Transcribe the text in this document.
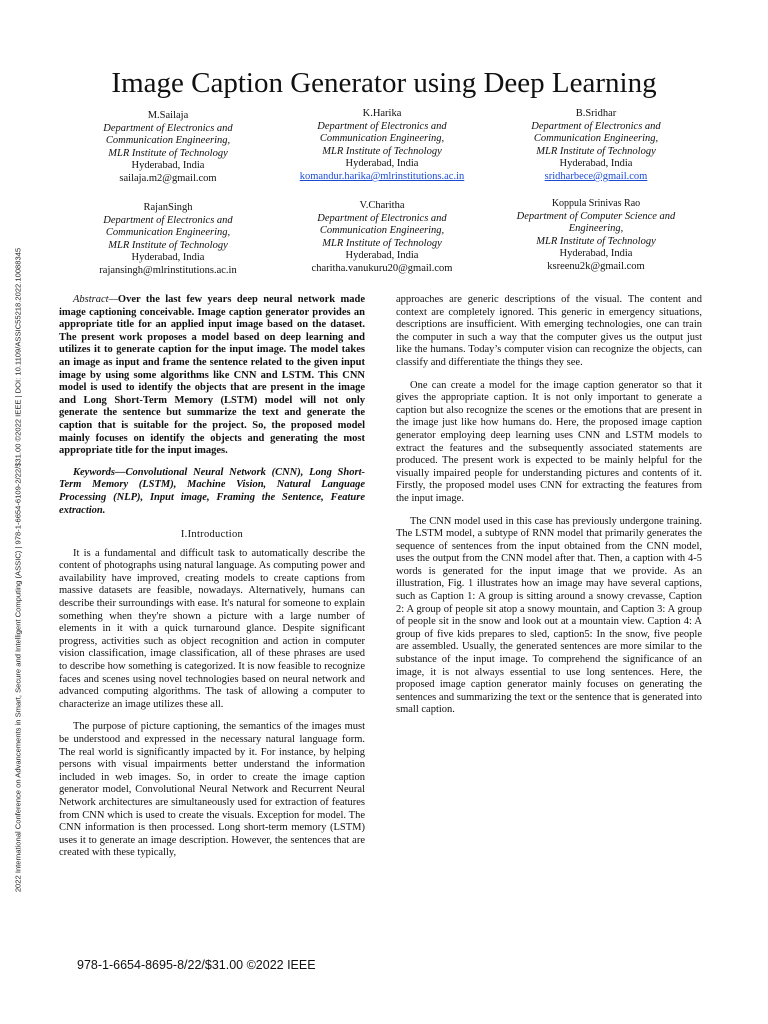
2022 International Conference on Advancements in Smart, Secure and Intelligent Computing (ASSIC) | 978-1-6654-6109-2/22/$31.00 ©2022 IEEE | DOI: 10.1109/ASSIC55218.2022.10088345
Image Caption Generator using Deep Learning
M.Sailaja
Department of Electronics and
Communication Engineering,
MLR Institute of Technology
Hyderabad, India
sailaja.m2@gmail.com
K.Harika
Department of Electronics and
Communication Engineering,
MLR Institute of Technology
Hyderabad, India
komandur.harika@mlrinstitutions.ac.in
B.Sridhar
Department of Electronics and
Communication Engineering,
MLR Institute of Technology
Hyderabad, India
sridharbece@gmail.com
RajanSingh
Department of Electronics and
Communication Engineering,
MLR Institute of Technology
Hyderabad, India
rajansingh@mlrinstitutions.ac.in
V.Charitha
Department of Electronics and
Communication Engineering,
MLR Institute of Technology
Hyderabad, India
charitha.vanukuru20@gmail.com
Koppula Srinivas Rao
Department of Computer Science and
Engineering,
MLR Institute of Technology
Hyderabad, India
ksreenu2k@gmail.com

Abstract—Over the last few years deep neural network made image captioning conceivable. Image caption generator provides an appropriate title for an applied input image based on the dataset. The present work proposes a model based on deep learning and utilizes it to generate caption for the input image. The model takes an image as input and frame the sentence related to the given input image by using some algorithms like CNN and LSTM. This CNN model is used to identify the objects that are present in the image and Long Short-Term Memory (LSTM) model will not only generate the sentence but summarize the text and generate the caption that is suitable for the project. So, the proposed model mainly focuses on identify the objects and generating the most appropriate title for the input images.

Keywords—Convolutional Neural Network (CNN), Long Short-Term Memory (LSTM), Machine Vision, Natural Language Processing (NLP), Input image, Framing the Sentence, Feature extraction.

I.Introduction

It is a fundamental and difficult task to automatically describe the content of photographs using natural language. As computing power and availability have improved, creating models to create captions from massive datasets are feasible, nowadays. Alternatively, humans can describe their surroundings with ease. It's natural for someone to explain something when they're shown a picture with a large number of elements in it with a quick turnaround glance. Despite significant progress, activities such as object recognition and action in computer vision classification, image classification, all of these phrases are used to describe how something is categorized. It is now feasible to recognize faces and scenes using novel technologies based on neural network and advanced computing algorithms. The task of allowing a computer to characterize an image utilizes these all.

The purpose of picture captioning, the semantics of the images must be understood and expressed in the necessary natural language form. The real world is significantly impacted by it. For instance, by helping persons with visual impairments better understand the information included in web images. So, in order to create the image caption generator model, Convolutional Neural Network and Recurrent Neural Network architectures are simultaneously used for extraction of features from CNN which is used to create the visuals. Exception for model. The CNN information is then processed. Long short-term memory (LSTM) uses it to generate an image description. However, the sentences that are created with these typically,

approaches are generic descriptions of the visual. The content and context are completely ignored. This generic in emergency situations, descriptions are insufficient. With emerging technologies, one can train the computer in such a way that the computer gives us the output just like the humans. Today’s computer vision can recognize the objects, can classify and differentiate the things they see.

One can create a model for the image caption generator so that it gives the appropriate caption. It is not only important to generate a caption but also recognize the scenes or the emotions that are present in the image just like how humans do. Here, the proposed image caption generator employing deep learning uses CNN and LSTM models to extract the features and the subsequently associated statements are produced. The present work is expected to be mainly helpful for the visually impaired people for understanding pictures and contents of it. Firstly, the proposed model uses CNN for extracting the features from the input image.

The CNN model used in this case has previously undergone training. The LSTM model, a subtype of RNN model that primarily generates the sequence of sentences from the input obtained from the CNN model, uses the output from the CNN model after that. Then, a caption with 4-5 words is generated for the input image that we provide. As an illustration, Fig. 1 illustrates how an image may have several captions, such as Caption 1: A group is sitting around a snowy crevasse, Caption 2: A group of people sit atop a snowy mountain, and Caption 3: A group of people sit in the snow and look out at a mountain view. Caption 4: A group of five kids prepares to sled, caption5: In the snow, five people are assembled. Usually, the generated sentences are more similar to the substance of the input image. To comprehend the significance of an image, it is not always essential to use long sentences. Here, the proposed image caption generator mainly focuses on generating the sentences and summarizing the text or the sentence that is generated into small caption.

978-1-6654-8695-8/22/$31.00 ©2022 IEEE
